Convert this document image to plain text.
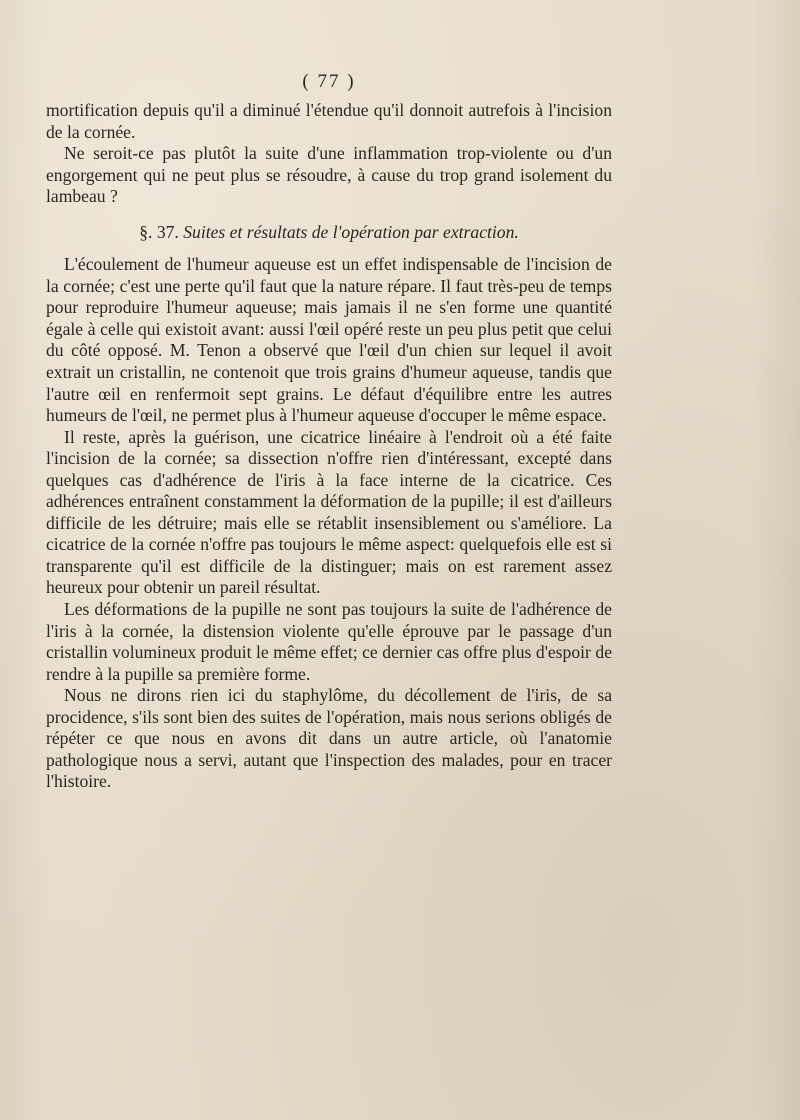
( 77 )

mortification depuis qu'il a diminué l'étendue qu'il donnoit autrefois à l'incision de la cornée.

Ne seroit-ce pas plutôt la suite d'une inflammation trop-violente ou d'un engorgement qui ne peut plus se résoudre, à cause du trop grand isolement du lambeau ?

§. 37. Suites et résultats de l'opération par extraction.

L'écoulement de l'humeur aqueuse est un effet indispensable de l'incision de la cornée; c'est une perte qu'il faut que la nature répare. Il faut très-peu de temps pour reproduire l'humeur aqueuse; mais jamais il ne s'en forme une quantité égale à celle qui existoit avant: aussi l'œil opéré reste un peu plus petit que celui du côté opposé. M. Tenon a observé que l'œil d'un chien sur lequel il avoit extrait un cristallin, ne contenoit que trois grains d'humeur aqueuse, tandis que l'autre œil en renfermoit sept grains. Le défaut d'équilibre entre les autres humeurs de l'œil, ne permet plus à l'humeur aqueuse d'occuper le même espace.

Il reste, après la guérison, une cicatrice linéaire à l'endroit où a été faite l'incision de la cornée; sa dissection n'offre rien d'intéressant, excepté dans quelques cas d'adhérence de l'iris à la face interne de la cicatrice. Ces adhérences entraînent constamment la déformation de la pupille; il est d'ailleurs difficile de les détruire; mais elle se rétablit insensiblement ou s'améliore. La cicatrice de la cornée n'offre pas toujours le même aspect: quelquefois elle est si transparente qu'il est difficile de la distinguer; mais on est rarement assez heureux pour obtenir un pareil résultat.

Les déformations de la pupille ne sont pas toujours la suite de l'adhérence de l'iris à la cornée, la distension violente qu'elle éprouve par le passage d'un cristallin volumineux produit le même effet; ce dernier cas offre plus d'espoir de rendre à la pupille sa première forme.

Nous ne dirons rien ici du staphylôme, du décollement de l'iris, de sa procidence, s'ils sont bien des suites de l'opération, mais nous serions obligés de répéter ce que nous en avons dit dans un autre article, où l'anatomie pathologique nous a servi, autant que l'inspection des malades, pour en tracer l'histoire.
